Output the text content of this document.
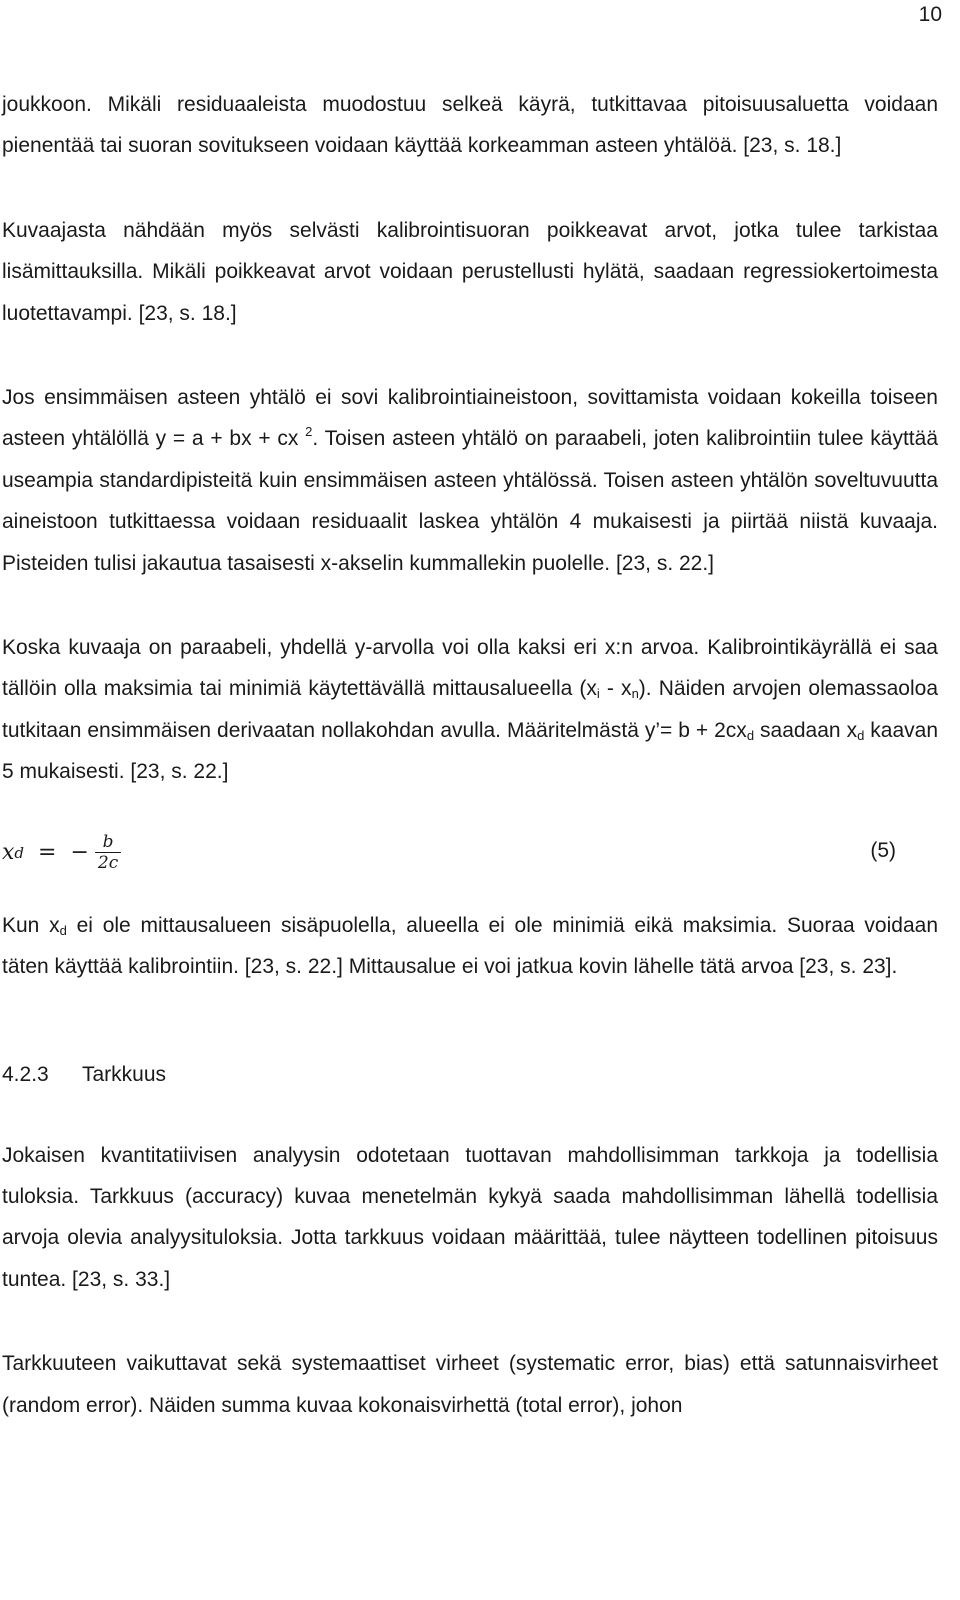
10

joukkoon. Mikäli residuaaleista muodostuu selkeä käyrä, tutkittavaa pitoisuusaluetta voidaan pienentää tai suoran sovitukseen voidaan käyttää korkeamman asteen yhtälöä. [23, s. 18.]

Kuvaajasta nähdään myös selvästi kalibrointisuoran poikkeavat arvot, jotka tulee tarkistaa lisämittauksilla. Mikäli poikkeavat arvot voidaan perustellusti hylätä, saadaan regressiokertoimesta luotettavampi. [23, s. 18.]

Jos ensimmäisen asteen yhtälö ei sovi kalibrointiaineistoon, sovittamista voidaan kokeilla toiseen asteen yhtälöllä y = a + bx + cx $^2$. Toisen asteen yhtälö on paraabeli, joten kalibrointiin tulee käyttää useampia standardipisteitä kuin ensimmäisen asteen yhtälössä. Toisen asteen yhtälön soveltuvuutta aineistoon tutkittaessa voidaan residuaalit laskea yhtälön 4 mukaisesti ja piirtää niistä kuvaaja. Pisteiden tulisi jakautua tasaisesti x-akselin kummallekin puolelle. [23, s. 22.]

Koska kuvaaja on paraabeli, yhdellä y-arvolla voi olla kaksi eri x:n arvoa. Kalibrointikäyrällä ei saa tällöin olla maksimia tai minimiä käytettävällä mittausalueella $(x_i - x_n)$. Näiden arvojen olemassaoloa tutkitaan ensimmäisen derivaatan nollakohdan avulla. Määritelmästä y’= $b + 2cx_d$ saadaan $x_d$ kaavan 5 mukaisesti. [23, s. 22.]

x d = − $\frac{b}{2c}$	(5)

Kun $x_d$ ei ole mittausalueen sisäpuolella, alueella ei ole minimiä eikä maksimia. Suoraa voidaan täten käyttää kalibrointiin. [23, s. 22.] Mittausalue ei voi jatkua kovin lähelle tätä arvoa [23, s. 23].

4.2.3 Tarkkuus

Jokaisen kvantitatiivisen analyysin odotetaan tuottavan mahdollisimman tarkkoja ja todellisia tuloksia. Tarkkuus (accuracy) kuvaa menetelmän kykyä saada mahdollisimman lähellä todellisia arvoja olevia analyysituloksia. Jotta tarkkuus voidaan määrittää, tulee näytteen todellinen pitoisuus tuntea. [23, s. 33.]

Tarkkuuteen vaikuttavat sekä systemaattiset virheet (systematic error, bias) että satunnaisvirheet (random error). Näiden summa kuvaa kokonaisvirhettä (total error), johon
